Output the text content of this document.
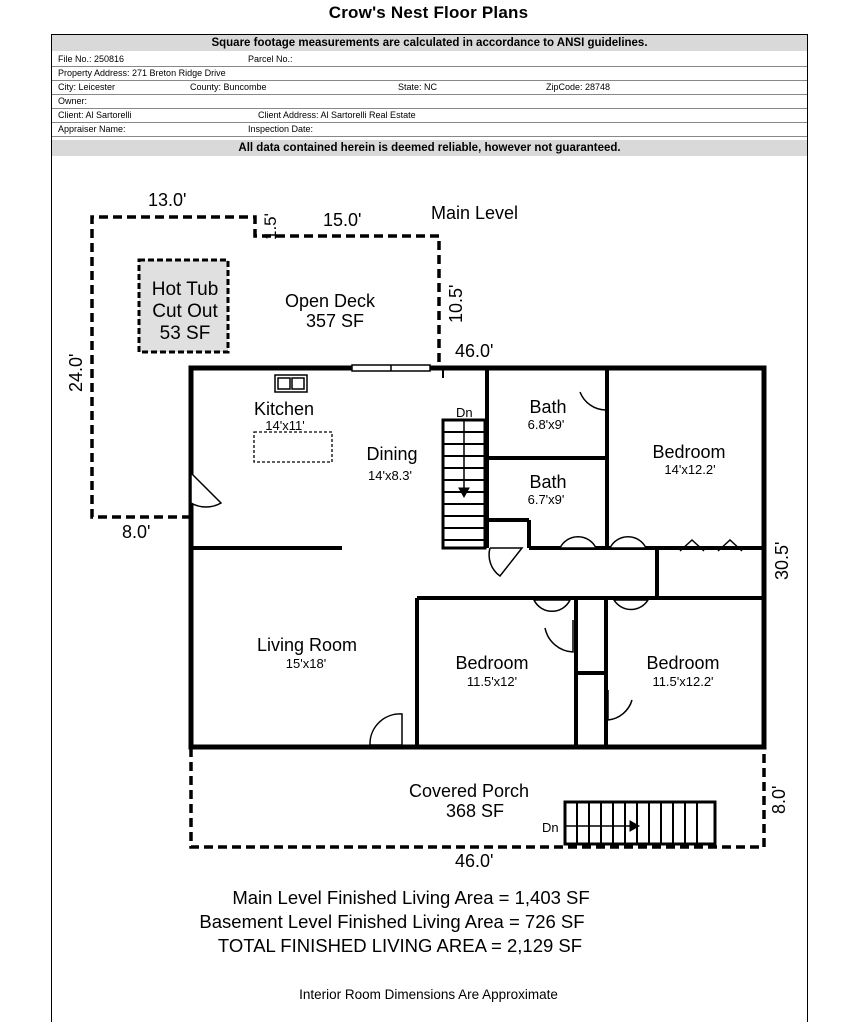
Crow's Nest Floor Plans
Square footage measurements are calculated in accordance to ANSI guidelines.
File No.: 250816	Parcel No.:
Property Address: 271 Breton Ridge Drive
City: Leicester	County: Buncombe	State: NC	ZipCode: 28748
Owner:
Client: Al Sartorelli	Client Address: Al Sartorelli Real Estate
Appraiser Name:	Inspection Date:
All data contained herein is deemed reliable, however not guaranteed.
13.0'
1.5' 15.0'
10.5'
24.0'
8.0'
46.0'
30.5'
8.0'
46.0'
Main Level
Hot Tub
Cut Out
53 SF
Open Deck
357 SF
Covered Porch
368 SF
Kitchen
14'x11'
Dining
14'x8.3'
Bath
6.8'x9'
Bath
6.7'x9'
Bedroom
14'x12.2'
Living Room
15'x18'	Bedroom
11.5'x12'
Bedroom
11.5'x12.2'
Dn
Dn
Main Level Finished Living Area = 1,403 SF
Basement Level Finished Living Area = 726 SF
TOTAL FINISHED LIVING AREA = 2,129 SF
Interior Room Dimensions Are Approximate
